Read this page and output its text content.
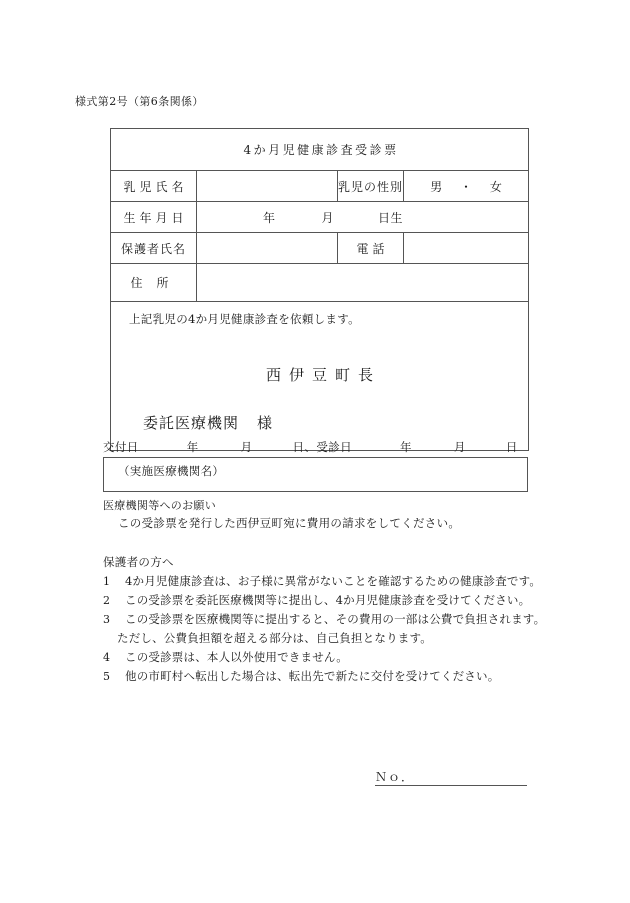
様式第2号（第6条関係）
4か月児健康診査受診票			
乳児氏名		乳児の性別	男 ・ 女
生年月日	年 月 日生		
保護者氏名		電話	
住所			

上記乳児の4か月児健康診査を依頼します。
西伊豆町長
委託医療機関 様			
交付日	年	月	日、受診日	年	月	日
（実施医療機関名）
医療機関等へのお願い
この受診票を発行した西伊豆町宛に費用の請求をしてください。
保護者の方へ
1 4か月児健康診査は、お子様に異常がないことを確認するための健康診査です。
2 この受診票を委託医療機関等に提出し、4か月児健康診査を受けてください。
3 この受診票を医療機関等に提出すると、その費用の一部は公費で負担されます。
ただし、公費負担額を超える部分は、自己負担となります。
4 この受診票は、本人以外使用できません。
5 他の市町村へ転出した場合は、転出先で新たに交付を受けてください。
Ｎｏ．
